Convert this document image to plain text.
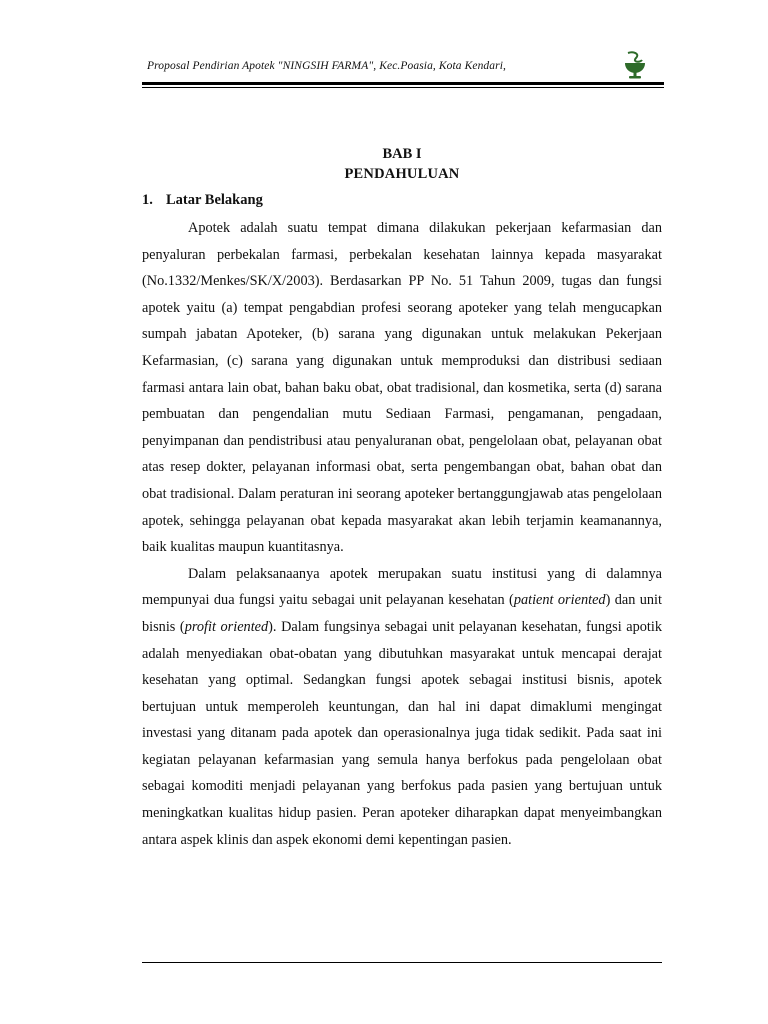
Proposal Pendirian Apotek "NINGSIH FARMA", Kec.Poasia, Kota Kendari,
BAB I
PENDAHULUAN
1. Latar Belakang

Apotek adalah suatu tempat dimana dilakukan pekerjaan kefarmasian dan penyaluran perbekalan farmasi, perbekalan kesehatan lainnya kepada masyarakat (No.1332/Menkes/SK/X/2003). Berdasarkan PP No. 51 Tahun 2009, tugas dan fungsi apotek yaitu (a) tempat pengabdian profesi seorang apoteker yang telah mengucapkan sumpah jabatan Apoteker, (b) sarana yang digunakan untuk melakukan Pekerjaan Kefarmasian, (c) sarana yang digunakan untuk memproduksi dan distribusi sediaan farmasi antara lain obat, bahan baku obat, obat tradisional, dan kosmetika, serta (d) sarana pembuatan dan pengendalian mutu Sediaan Farmasi, pengamanan, pengadaan, penyimpanan dan pendistribusi atau penyaluranan obat, pengelolaan obat, pelayanan obat atas resep dokter, pelayanan informasi obat, serta pengembangan obat, bahan obat dan obat tradisional. Dalam peraturan ini seorang apoteker bertanggungjawab atas pengelolaan apotek, sehingga pelayanan obat kepada masyarakat akan lebih terjamin keamanannya, baik kualitas maupun kuantitasnya.

Dalam pelaksanaanya apotek merupakan suatu institusi yang di dalamnya mempunyai dua fungsi yaitu sebagai unit pelayanan kesehatan (patient oriented) dan unit bisnis (profit oriented). Dalam fungsinya sebagai unit pelayanan kesehatan, fungsi apotik adalah menyediakan obat-obatan yang dibutuhkan masyarakat untuk mencapai derajat kesehatan yang optimal. Sedangkan fungsi apotek sebagai institusi bisnis, apotek bertujuan untuk memperoleh keuntungan, dan hal ini dapat dimaklumi mengingat investasi yang ditanam pada apotek dan operasionalnya juga tidak sedikit. Pada saat ini kegiatan pelayanan kefarmasian yang semula hanya berfokus pada pengelolaan obat sebagai komoditi menjadi pelayanan yang berfokus pada pasien yang bertujuan untuk meningkatkan kualitas hidup pasien. Peran apoteker diharapkan dapat menyeimbangkan antara aspek klinis dan aspek ekonomi demi kepentingan pasien.
